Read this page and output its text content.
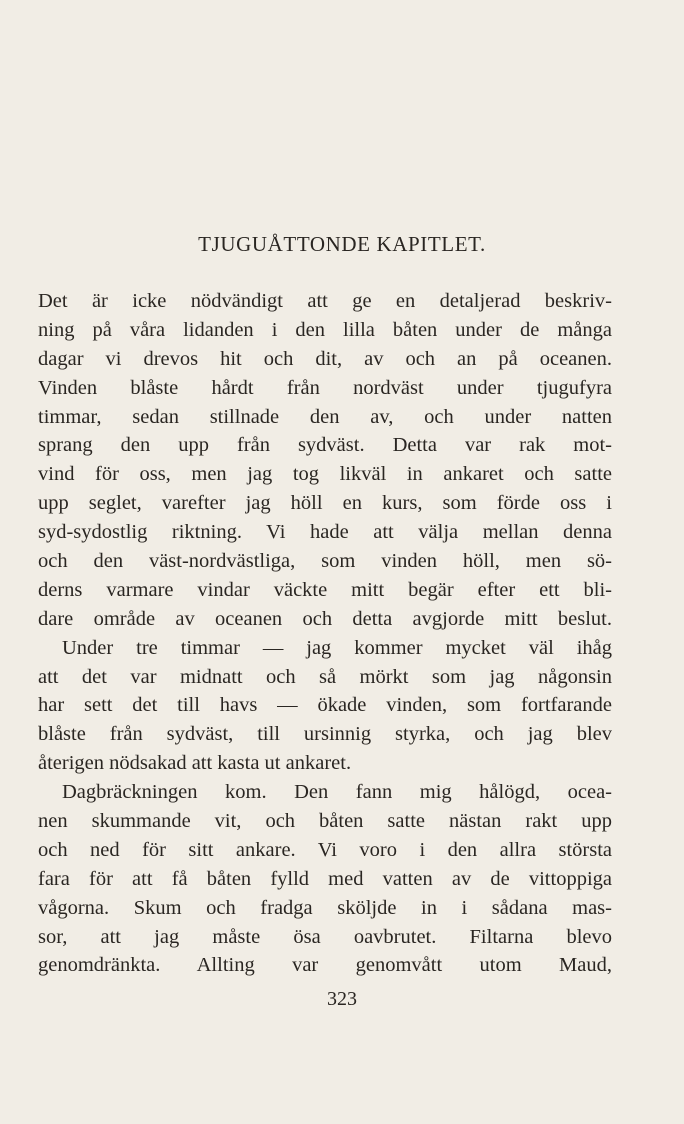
TJUGUÅTTONDE KAPITLET.
Det är icke nödvändigt att ge en detaljerad beskriv-
ning på våra lidanden i den lilla båten under de många
dagar vi drevos hit och dit, av och an på oceanen.
Vinden blåste hårdt från nordväst under tjugufyra
timmar, sedan stillnade den av, och under natten
sprang den upp från sydväst. Detta var rak mot-
vind för oss, men jag tog likväl in ankaret och satte
upp seglet, varefter jag höll en kurs, som förde oss i
syd-sydostlig riktning. Vi hade att välja mellan denna
och den väst-nordvästliga, som vinden höll, men sö-
derns varmare vindar väckte mitt begär efter ett bli-
dare område av oceanen och detta avgjorde mitt beslut.
Under tre timmar — jag kommer mycket väl ihåg
att det var midnatt och så mörkt som jag någonsin
har sett det till havs — ökade vinden, som fortfarande
blåste från sydväst, till ursinnig styrka, och jag blev
återigen nödsakad att kasta ut ankaret.
Dagbräckningen kom. Den fann mig hålögd, ocea-
nen skummande vit, och båten satte nästan rakt upp
och ned för sitt ankare. Vi voro i den allra största
fara för att få båten fylld med vatten av de vittoppiga
vågorna. Skum och fradga sköljde in i sådana mas-
sor, att jag måste ösa oavbrutet. Filtarna blevo
genomdränkta. Allting var genomvått utom Maud,
323
